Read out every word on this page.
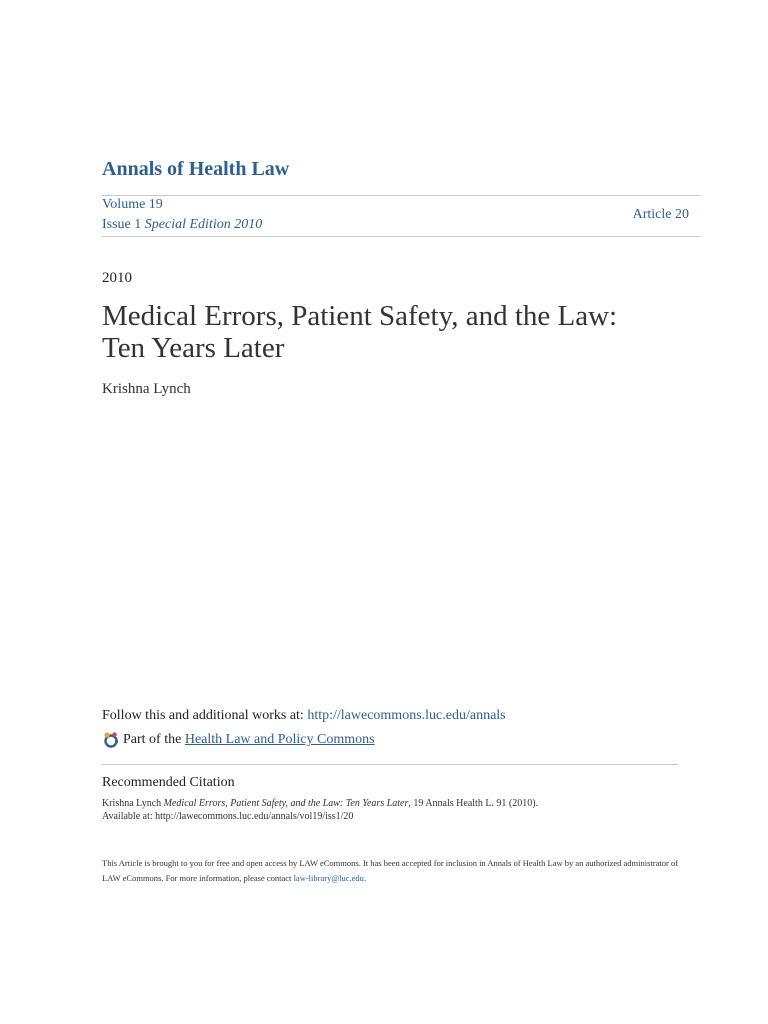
Annals of Health Law
Volume 19
Issue 1 Special Edition 2010
Article 20
2010
Medical Errors, Patient Safety, and the Law: Ten Years Later
Krishna Lynch
Follow this and additional works at: http://lawecommons.luc.edu/annals
Part of the
Health Law and Policy Commons
Recommended Citation
Krishna Lynch Medical Errors, Patient Safety, and the Law: Ten Years Later, 19 Annals Health L. 91 (2010).
Available at: http://lawecommons.luc.edu/annals/vol19/iss1/20
This Article is brought to you for free and open access by LAW eCommons. It has been accepted for inclusion in Annals of Health Law by an authorized administrator of LAW eCommons. For more information, please contact law-library@luc.edu.
